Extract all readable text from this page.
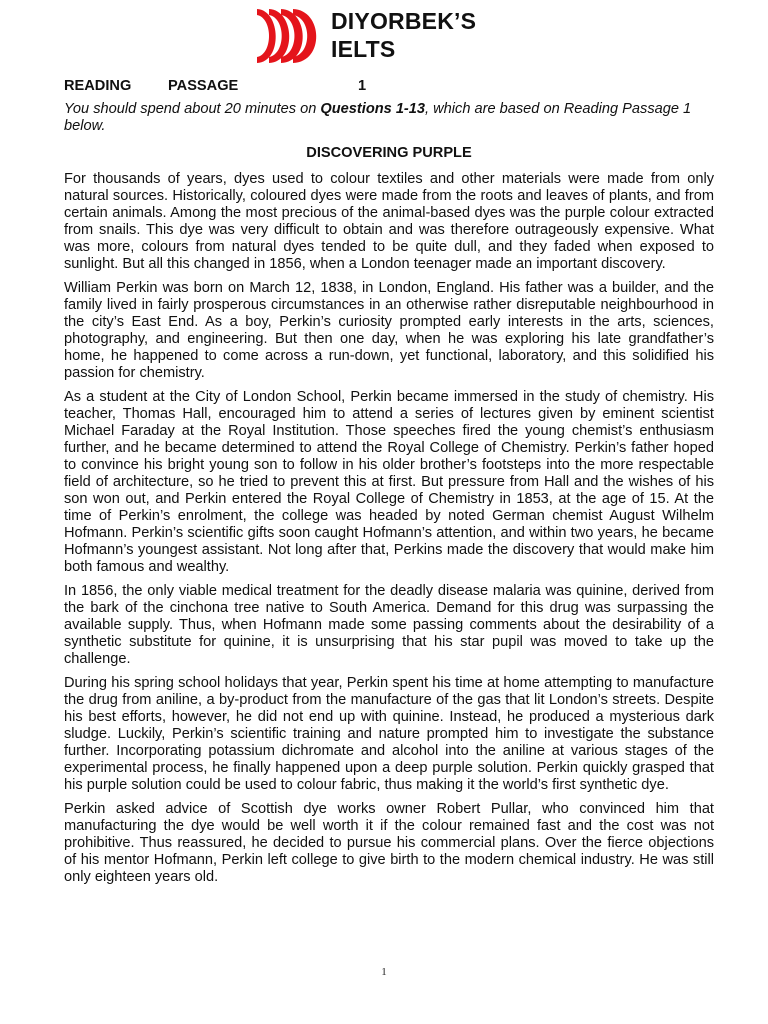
DIYORBEK’S
IELTS
READING	PASSAGE	1

You should spend about 20 minutes on Questions 1-13, which are based on Reading Passage 1 below.

DISCOVERING PURPLE

For thousands of years, dyes used to colour textiles and other materials were made from only natural sources. Historically, coloured dyes were made from the roots and leaves of plants, and from certain animals. Among the most precious of the animal-based dyes was the purple colour extracted from snails. This dye was very difficult to obtain and was therefore outrageously expensive. What was more, colours from natural dyes tended to be quite dull, and they faded when exposed to sunlight. But all this changed in 1856, when a London teenager made an important discovery.

William Perkin was born on March 12, 1838, in London, England. His father was a builder, and the family lived in fairly prosperous circumstances in an otherwise rather disreputable neighbourhood in the city’s East End. As a boy, Perkin’s curiosity prompted early interests in the arts, sciences, photography, and engineering. But then one day, when he was exploring his late grandfather’s home, he happened to come across a run-down, yet functional, laboratory, and this solidified his passion for chemistry.

As a student at the City of London School, Perkin became immersed in the study of chemistry. His teacher, Thomas Hall, encouraged him to attend a series of lectures given by eminent scientist Michael Faraday at the Royal Institution. Those speeches fired the young chemist’s enthusiasm further, and he became determined to attend the Royal College of Chemistry. Perkin’s father hoped to convince his bright young son to follow in his older brother’s footsteps into the more respectable field of architecture, so he tried to prevent this at first. But pressure from Hall and the wishes of his son won out, and Perkin entered the Royal College of Chemistry in 1853, at the age of 15. At the time of Perkin’s enrolment, the college was headed by noted German chemist August Wilhelm Hofmann. Perkin’s scientific gifts soon caught Hofmann’s attention, and within two years, he became Hofmann’s youngest assistant. Not long after that, Perkins made the discovery that would make him both famous and wealthy.

In 1856, the only viable medical treatment for the deadly disease malaria was quinine, derived from the bark of the cinchona tree native to South America. Demand for this drug was surpassing the available supply. Thus, when Hofmann made some passing comments about the desirability of a synthetic substitute for quinine, it is unsurprising that his star pupil was moved to take up the challenge.

During his spring school holidays that year, Perkin spent his time at home attempting to manufacture the drug from aniline, a by-product from the manufacture of the gas that lit London’s streets. Despite his best efforts, however, he did not end up with quinine. Instead, he produced a mysterious dark sludge. Luckily, Perkin’s scientific training and nature prompted him to investigate the substance further. Incorporating potassium dichromate and alcohol into the aniline at various stages of the experimental process, he finally happened upon a deep purple solution. Perkin quickly grasped that his purple solution could be used to colour fabric, thus making it the world’s first synthetic dye.

Perkin asked advice of Scottish dye works owner Robert Pullar, who convinced him that manufacturing the dye would be well worth it if the colour remained fast and the cost was not prohibitive. Thus reassured, he decided to pursue his commercial plans. Over the fierce objections of his mentor Hofmann, Perkin left college to give birth to the modern chemical industry. He was still only eighteen years old.

1
